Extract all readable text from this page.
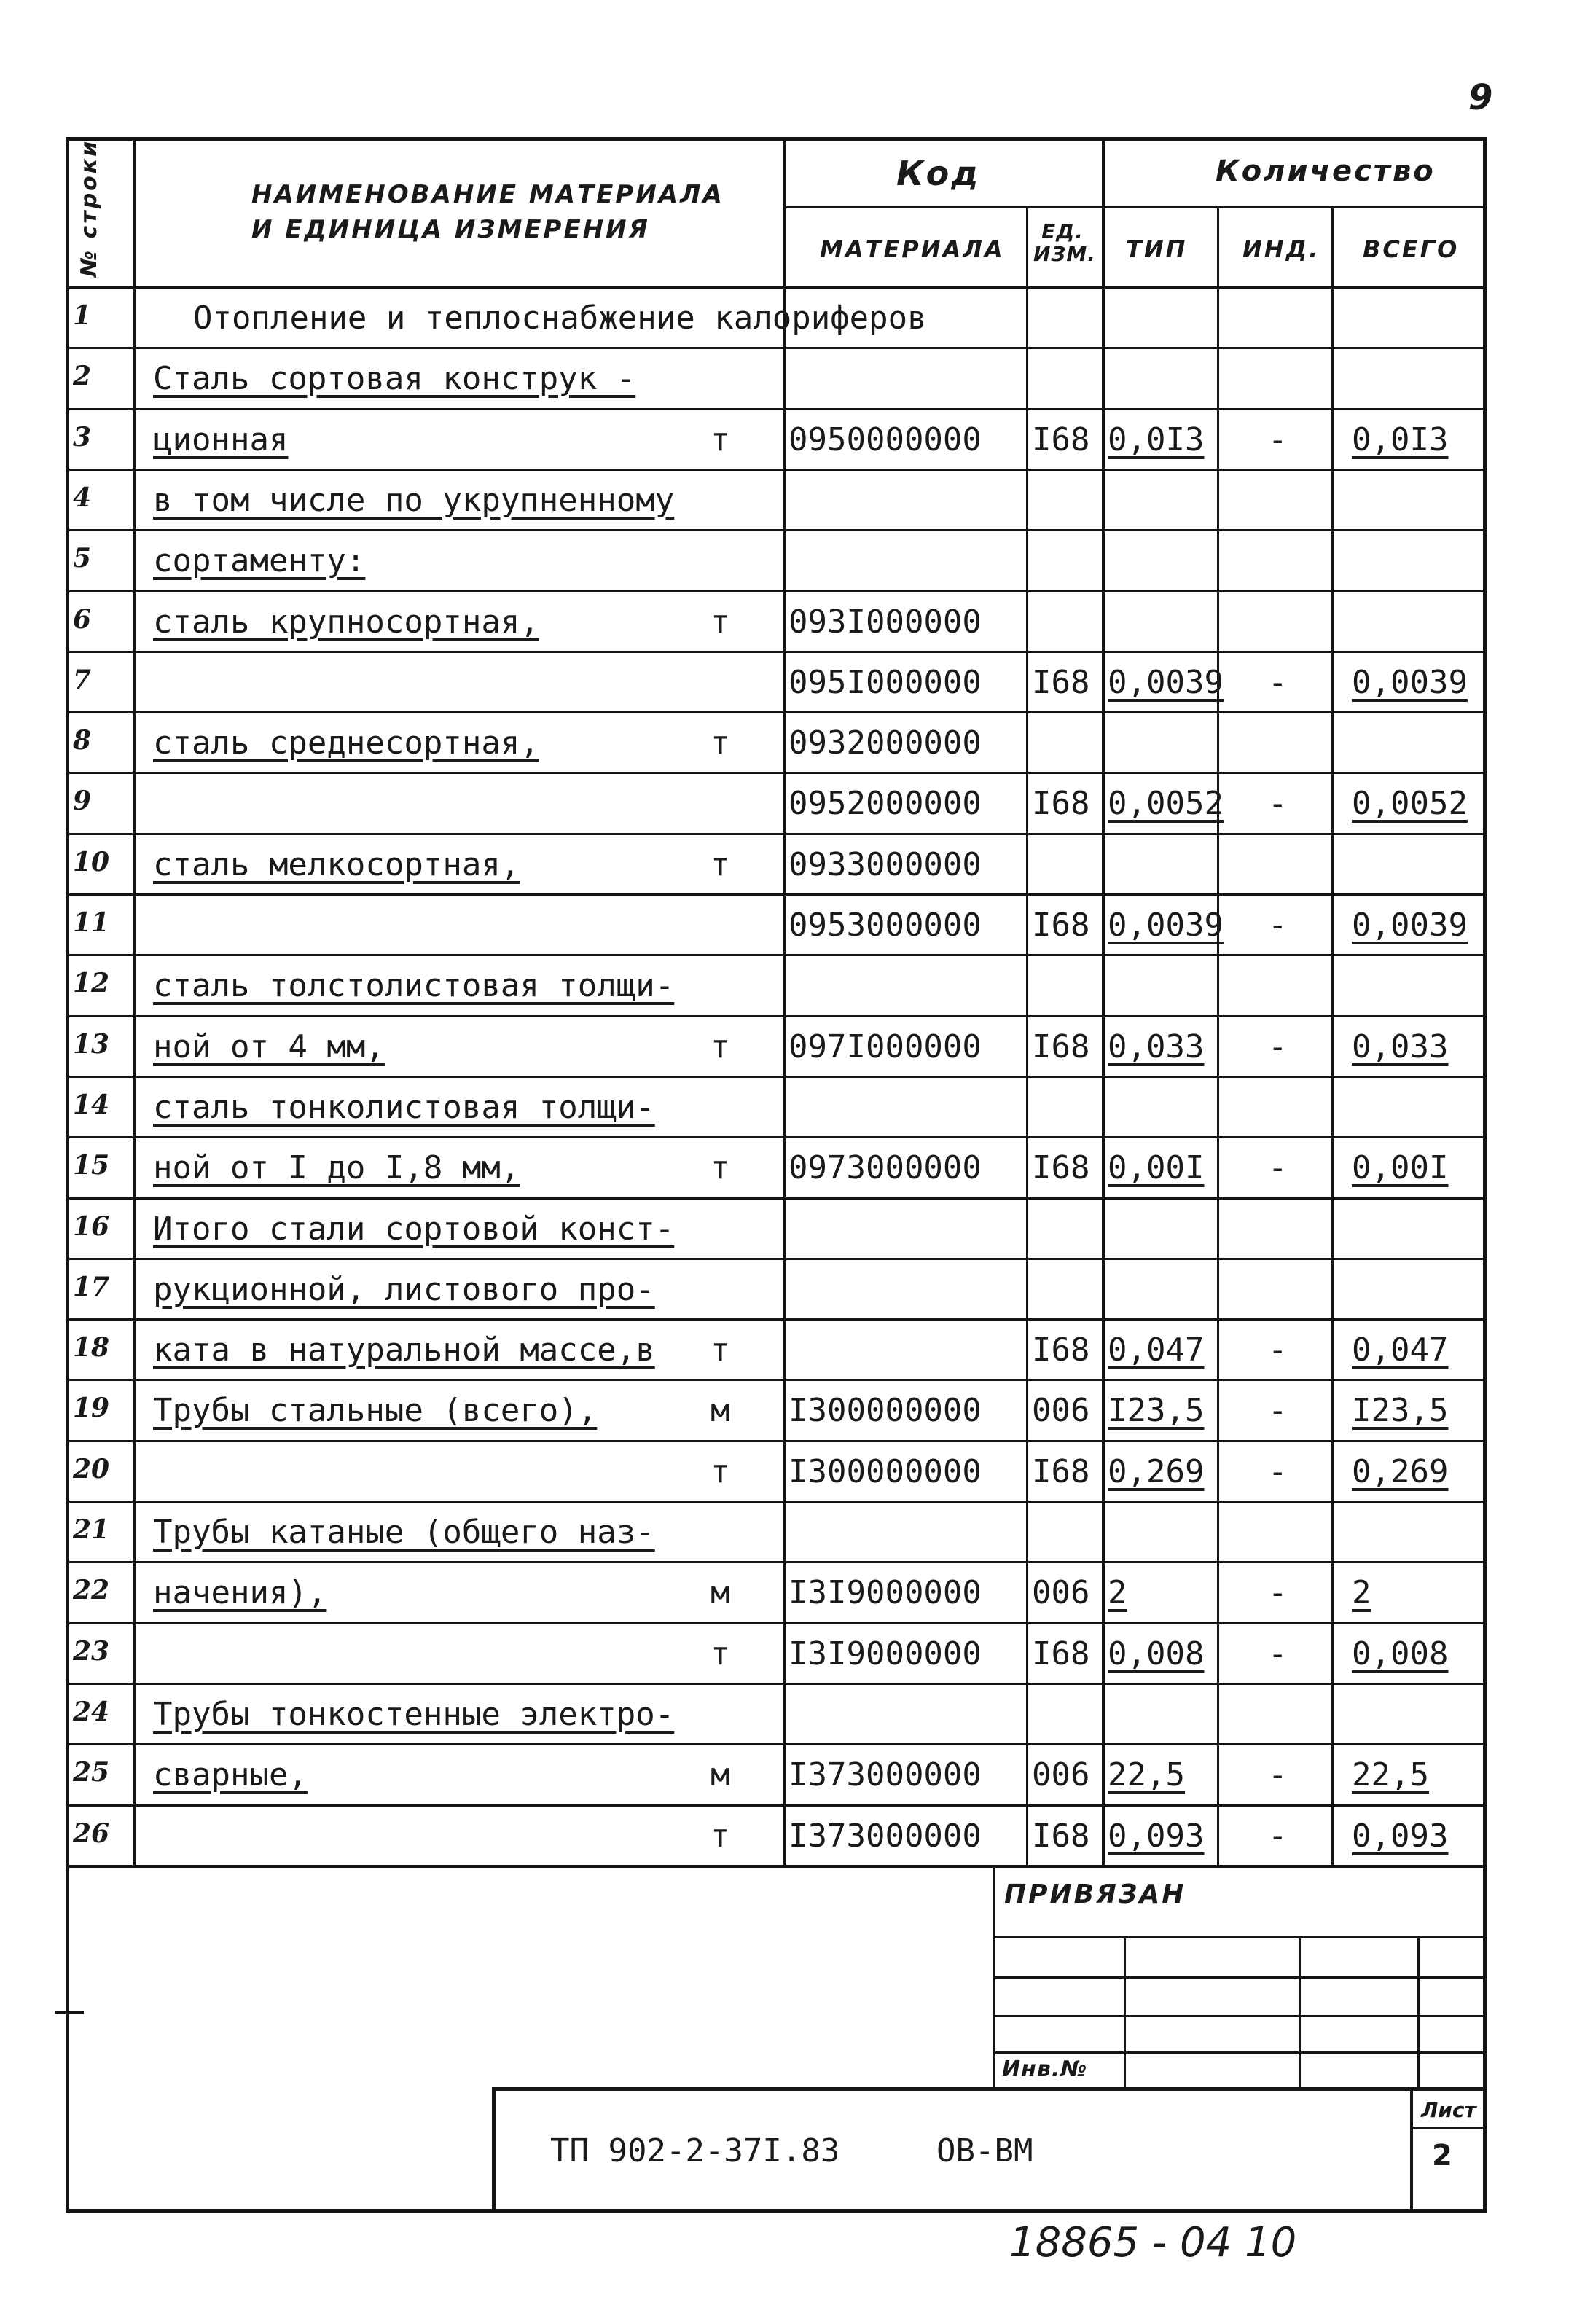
9
№ строки	НАИМЕНОВАНИЕ МАТЕРИАЛА
И ЕДИНИЦА ИЗМЕРЕНИЯ
Код
МАТЕРИАЛА
ЕД. ИЗМ.
Количество
ТИП ИНД. ВСЕГО
1	Отопление и теплоснабжение калориферов
2 Сталь сортовая конструк -
3 ционная	т 0950000000 I68 0,0I3 - 0,0I3
4 в том числе по укрупненному
5 сортаменту:
6 сталь крупносортная,	т 093I000000
7	095I000000 I68 0,0039 - 0,0039
8 сталь среднесортная,	т 0932000000
9	0952000000 I68 0,0052 - 0,0052
10 сталь мелкосортная,	т 0933000000
11	0953000000 I68 0,0039 - 0,0039
12 сталь толстолистовая толщи-
13 ной от 4 мм,	т 097I000000 I68 0,033 - 0,033
14 сталь тонколистовая толщи-
15 ной от I до I,8 мм,	т 0973000000 I68 0,00I - 0,00I
16 Итого стали сортовой конст-
17 рукционной, листового про-
18 ката в натуральной массе,в т	I68 0,047 - 0,047
19 Трубы стальные (всего),	м I300000000 006 I23,5 - I23,5
20	т I300000000 I68 0,269 - 0,269
21 Трубы катаные (общего наз-
22 начения),	м I3I9000000 006 2	- 2
23	т I3I9000000 I68 0,008 - 0,008
24 Трубы тонкостенные электро-
25 сварные,	м I373000000 006 22,5	- 22,5
26	т I373000000 I68 0,093 - 0,093
ПРИВЯЗАН
Инв.№
ТП 902-2-37I.83	ОВ-ВМ
Лист
2
18865 - 04 10
